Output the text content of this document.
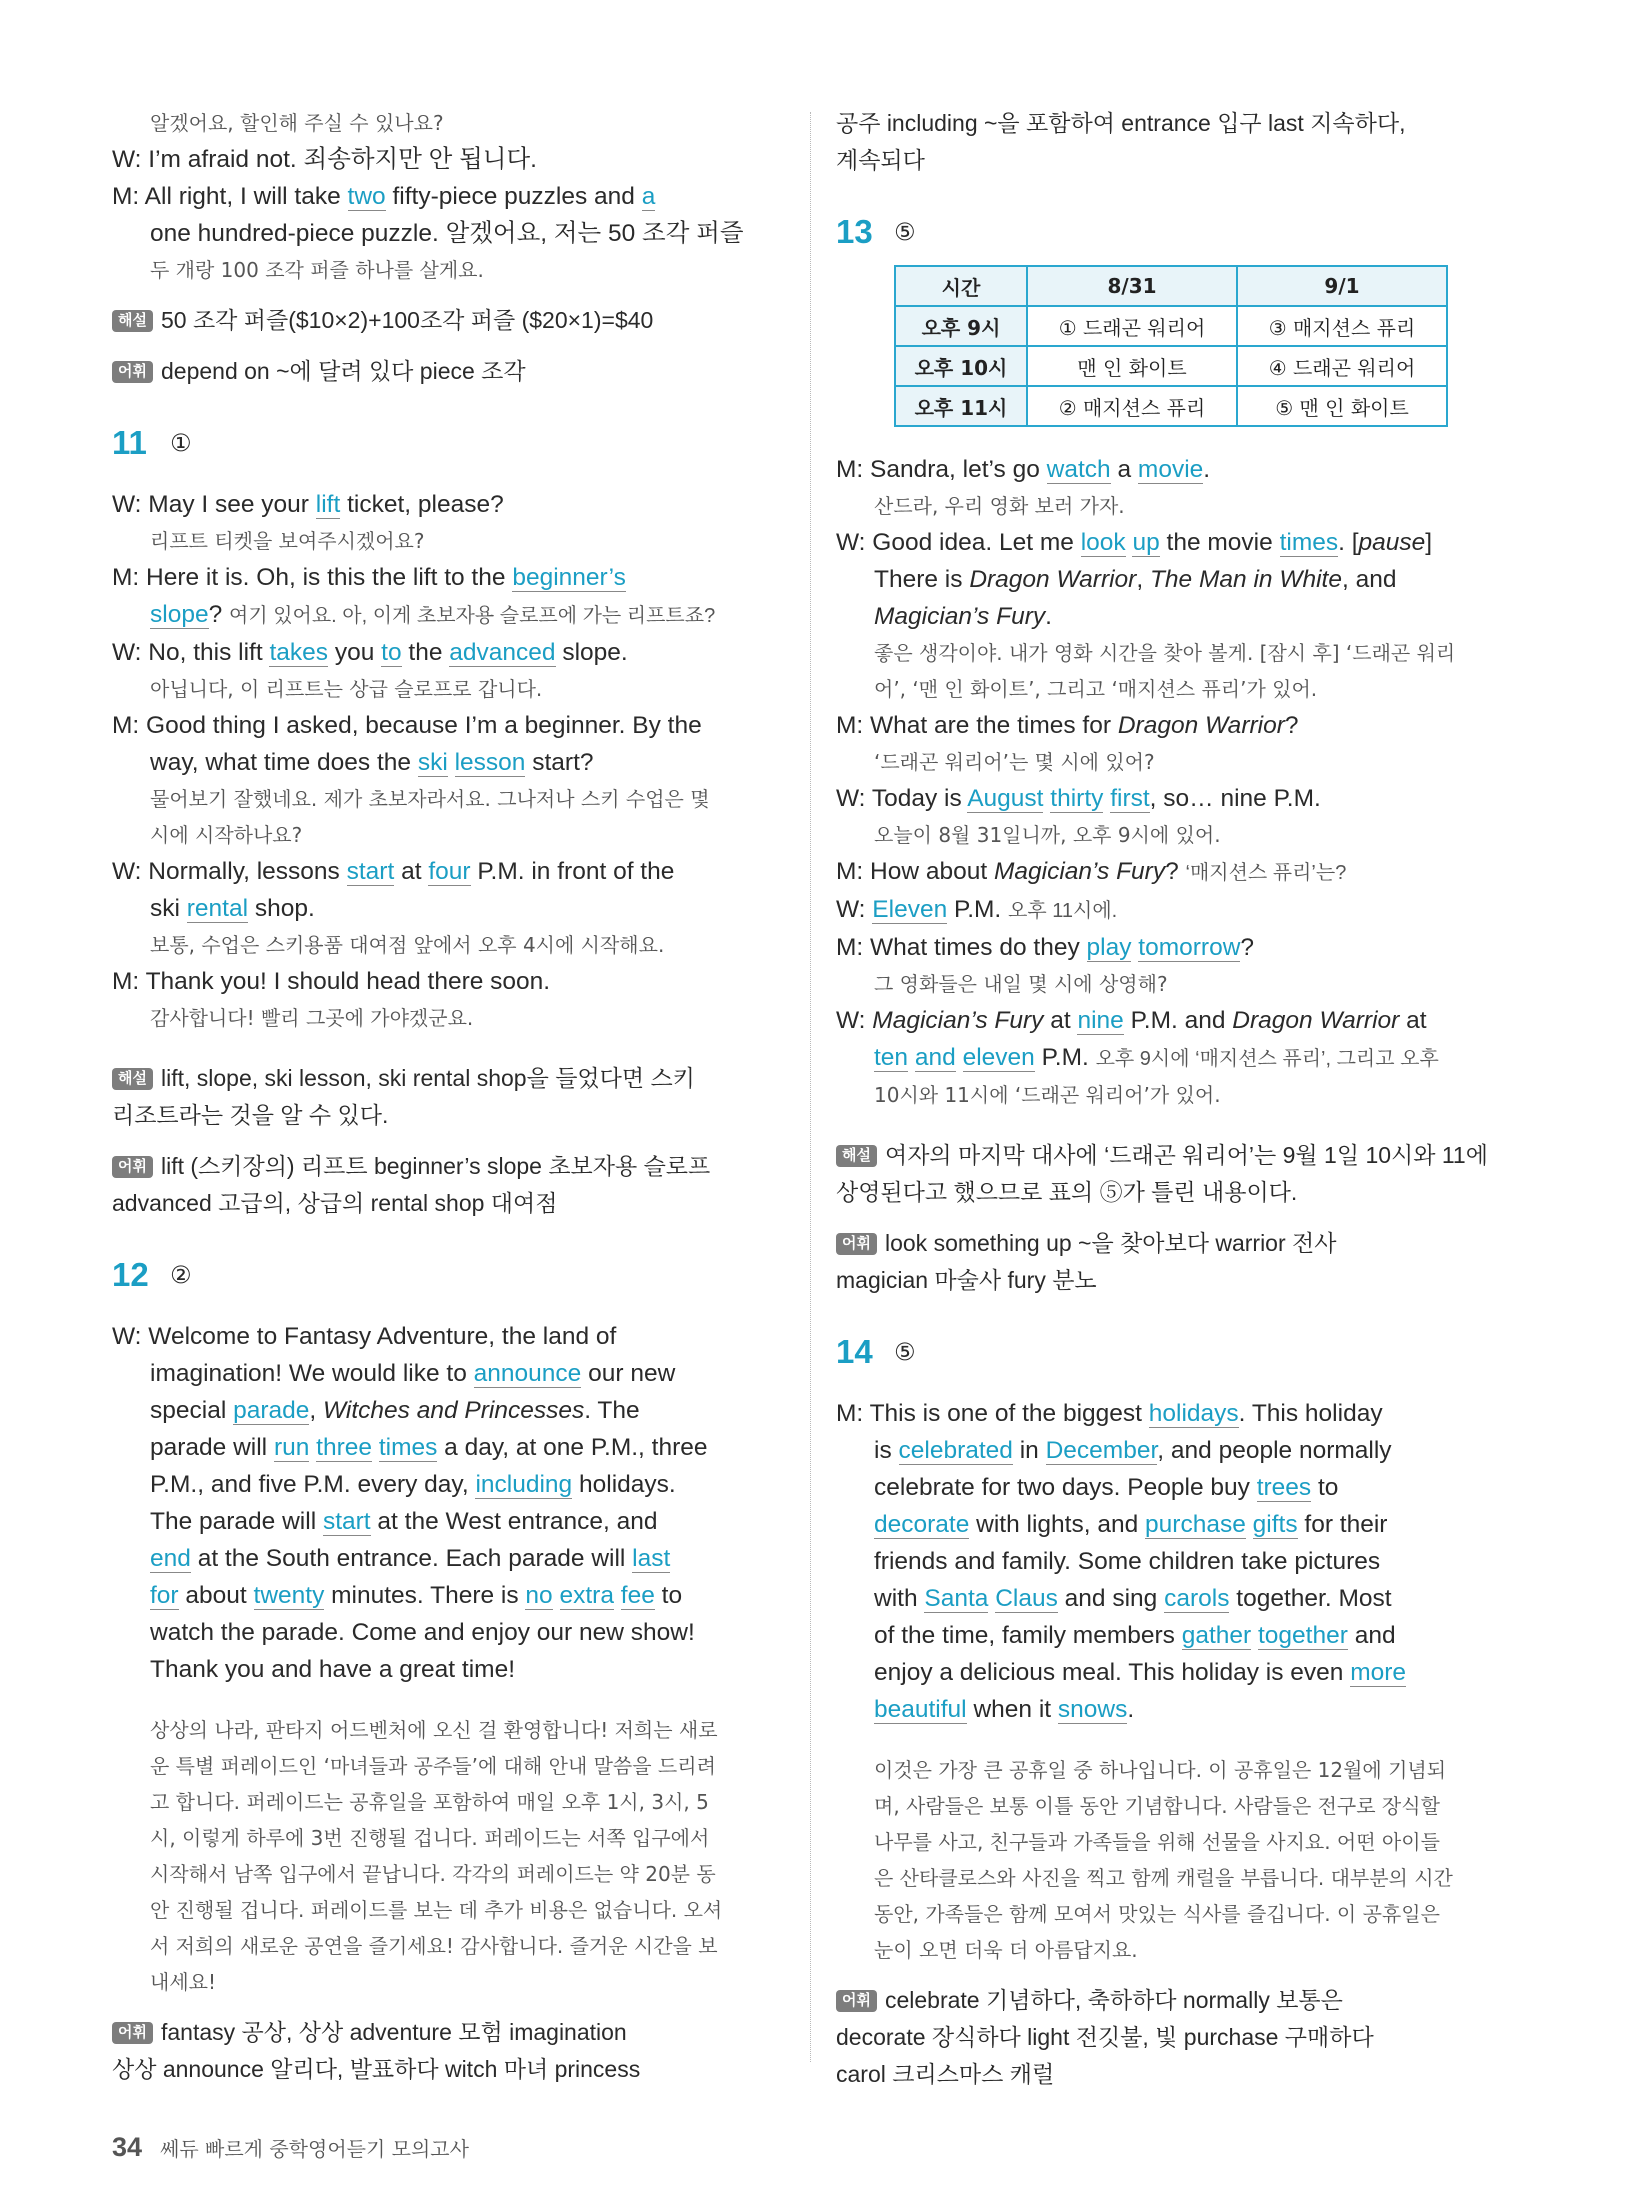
알겠어요, 할인해 주실 수 있나요?

W: I’m afraid not. 죄송하지만 안 됩니다.

M: All right, I will take two fifty-piece puzzles and a

one hundred-piece puzzle. 알겠어요, 저는 50 조각 퍼즐

두 개랑 100 조각 퍼즐 하나를 살게요.

해설 50 조각 퍼즐($10×2)+100조각 퍼즐 ($20×1)=$40

어휘 depend on ~에 달려 있다 piece 조각

11 ①

W: May I see your lift ticket, please?

리프트 티켓을 보여주시겠어요?

M: Here it is. Oh, is this the lift to the beginner’s

slope? 여기 있어요. 아, 이게 초보자용 슬로프에 가는 리프트죠?

W: No, this lift takes you to the advanced slope.

아닙니다, 이 리프트는 상급 슬로프로 갑니다.

M: Good thing I asked, because I’m a beginner. By the

way, what time does the ski lesson start?

물어보기 잘했네요. 제가 초보자라서요. 그나저나 스키 수업은 몇

시에 시작하나요?

W: Normally, lessons start at four P.M. in front of the

ski rental shop.

보통, 수업은 스키용품 대여점 앞에서 오후 4시에 시작해요.

M: Thank you! I should head there soon.

감사합니다! 빨리 그곳에 가야겠군요.

해설 lift, slope, ski lesson, ski rental shop을 들었다면 스키

리조트라는 것을 알 수 있다.

어휘 lift (스키장의) 리프트 beginner’s slope 초보자용 슬로프

advanced 고급의, 상급의 rental shop 대여점

12 ②

W: Welcome to Fantasy Adventure, the land of

imagination! We would like to announce our new

special parade, Witches and Princesses. The

parade will run three times a day, at one P.M., three

P.M., and five P.M. every day, including holidays.

The parade will start at the West entrance, and

end at the South entrance. Each parade will last

for about twenty minutes. There is no extra fee to

watch the parade. Come and enjoy our new show!

Thank you and have a great time!

상상의 나라, 판타지 어드벤처에 오신 걸 환영합니다! 저희는 새로

운 특별 퍼레이드인 ‘마녀들과 공주들’에 대해 안내 말씀을 드리려

고 합니다. 퍼레이드는 공휴일을 포함하여 매일 오후 1시, 3시, 5

시, 이렇게 하루에 3번 진행될 겁니다. 퍼레이드는 서쪽 입구에서

시작해서 남쪽 입구에서 끝납니다. 각각의 퍼레이드는 약 20분 동

안 진행될 겁니다. 퍼레이드를 보는 데 추가 비용은 없습니다. 오셔

서 저희의 새로운 공연을 즐기세요! 감사합니다. 즐거운 시간을 보

내세요!

어휘 fantasy 공상, 상상 adventure 모험 imagination

상상 announce 알리다, 발표하다 witch 마녀 princess

공주 including ~을 포함하여 entrance 입구 last 지속하다,

계속되다

13 ⑤
시간	8/31	9/1
오후 9시	① 드래곤 워리어	③ 매지션스 퓨리
오후 10시	맨 인 화이트	④ 드래곤 워리어
오후 11시	② 매지션스 퓨리	⑤ 맨 인 화이트

M: Sandra, let’s go watch a movie.

산드라, 우리 영화 보러 가자.

W: Good idea. Let me look up the movie times. [pause]

There is Dragon Warrior, The Man in White, and

Magician’s Fury.

좋은 생각이야. 내가 영화 시간을 찾아 볼게. [잠시 후] ‘드래곤 워리

어’, ‘맨 인 화이트’, 그리고 ‘매지션스 퓨리’가 있어.

M: What are the times for Dragon Warrior?

‘드래곤 워리어’는 몇 시에 있어?

W: Today is August thirty first, so… nine P.M.

오늘이 8월 31일니까, 오후 9시에 있어.

M: How about Magician’s Fury? ‘매지션스 퓨리’는?

W: Eleven P.M. 오후 11시에.

M: What times do they play tomorrow?

그 영화들은 내일 몇 시에 상영해?

W: Magician’s Fury at nine P.M. and Dragon Warrior at

ten and eleven P.M. 오후 9시에 ‘매지션스 퓨리’, 그리고 오후

10시와 11시에 ‘드래곤 워리어’가 있어.

해설 여자의 마지막 대사에 ‘드래곤 워리어’는 9월 1일 10시와 11에

상영된다고 했으므로 표의 ⑤가 틀린 내용이다.

어휘 look something up ~을 찾아보다 warrior 전사

magician 마술사 fury 분노

14 ⑤

M: This is one of the biggest holidays. This holiday

is celebrated in December, and people normally

celebrate for two days. People buy trees to

decorate with lights, and purchase gifts for their

friends and family. Some children take pictures

with Santa Claus and sing carols together. Most

of the time, family members gather together and

enjoy a delicious meal. This holiday is even more

beautiful when it snows.

이것은 가장 큰 공휴일 중 하나입니다. 이 공휴일은 12월에 기념되

며, 사람들은 보통 이틀 동안 기념합니다. 사람들은 전구로 장식할

나무를 사고, 친구들과 가족들을 위해 선물을 사지요. 어떤 아이들

은 산타클로스와 사진을 찍고 함께 캐럴을 부릅니다. 대부분의 시간

동안, 가족들은 함께 모여서 맛있는 식사를 즐깁니다. 이 공휴일은

눈이 오면 더욱 더 아름답지요.

어휘 celebrate 기념하다, 축하하다 normally 보통은

decorate 장식하다 light 전깃불, 빛 purchase 구매하다

carol 크리스마스 캐럴

34 쎄듀 빠르게 중학영어듣기 모의고사
